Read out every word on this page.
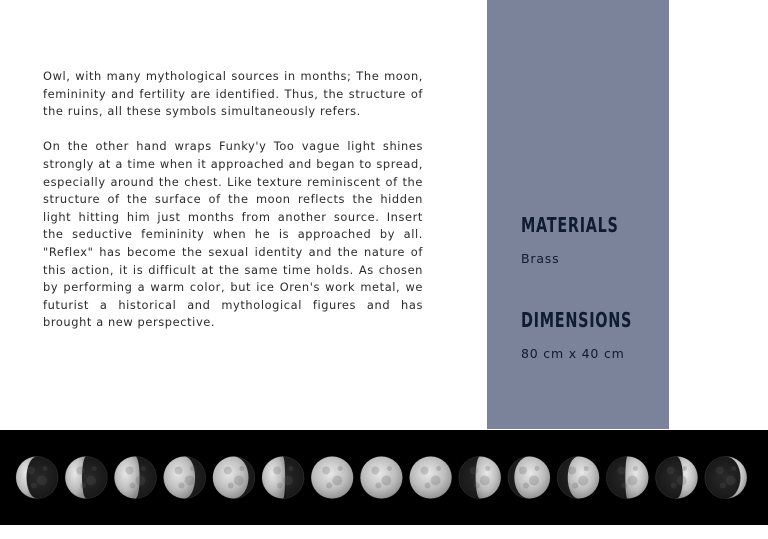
Owl, with many mythological sources in months; The moon, femininity and fertility are identified. Thus, the structure of the ruins, all these symbols simultaneously refers.

On the other hand wraps Funky'y Too vague light shines strongly at a time when it approached and began to spread, especially around the chest. Like texture reminiscent of the structure of the surface of the moon reflects the hidden light hitting him just months from another source. Insert the seductive femininity when he is approached by all. "Reflex" has become the sexual identity and the nature of this action, it is difficult at the same time holds. As chosen by performing a warm color, but ice Oren's work metal, we futurist a historical and mythological figures and has brought a new perspective.

MATERIALS
Brass
DIMENSIONS
80 cm x 40 cm
